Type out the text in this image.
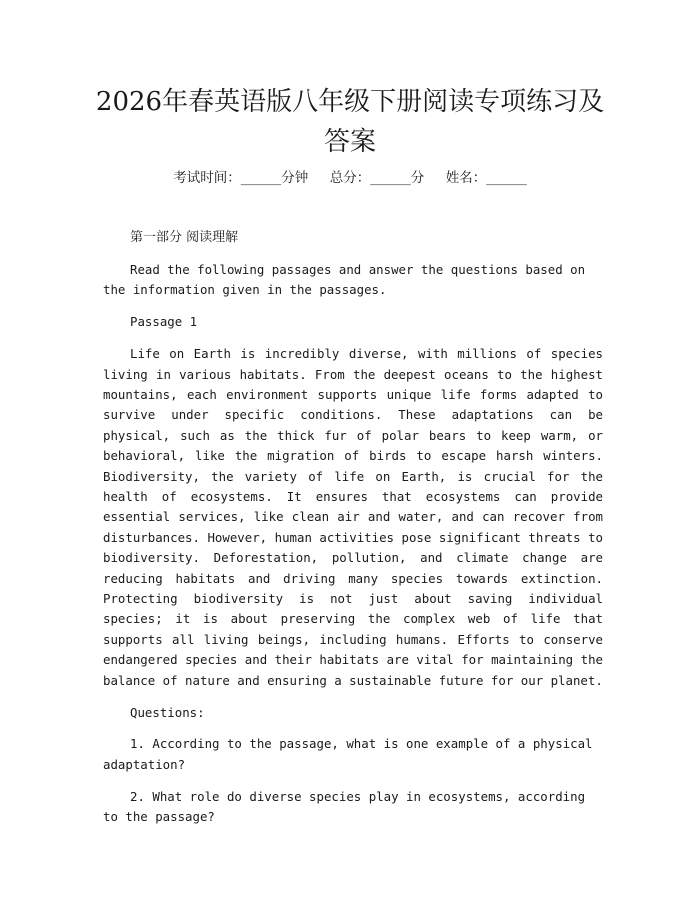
2026年春英语版八年级下册阅读专项练习及
答案
考试时间：______分钟     总分：______分     姓名：______

第一部分 阅读理解

Read the following passages and answer the questions based on the information given in the passages.

Passage 1

Life on Earth is incredibly diverse, with millions of species living in various habitats. From the deepest oceans to the highest mountains, each environment supports unique life forms adapted to survive under specific conditions. These adaptations can be physical, such as the thick fur of polar bears to keep warm, or behavioral, like the migration of birds to escape harsh winters. Biodiversity, the variety of life on Earth, is crucial for the health of ecosystems. It ensures that ecosystems can provide essential services, like clean air and water, and can recover from disturbances. However, human activities pose significant threats to biodiversity. Deforestation, pollution, and climate change are reducing habitats and driving many species towards extinction. Protecting biodiversity is not just about saving individual species; it is about preserving the complex web of life that supports all living beings, including humans. Efforts to conserve endangered species and their habitats are vital for maintaining the balance of nature and ensuring a sustainable future for our planet.

Questions:

1. According to the passage, what is one example of a physical adaptation?

2. What role do diverse species play in ecosystems, according to the passage?
